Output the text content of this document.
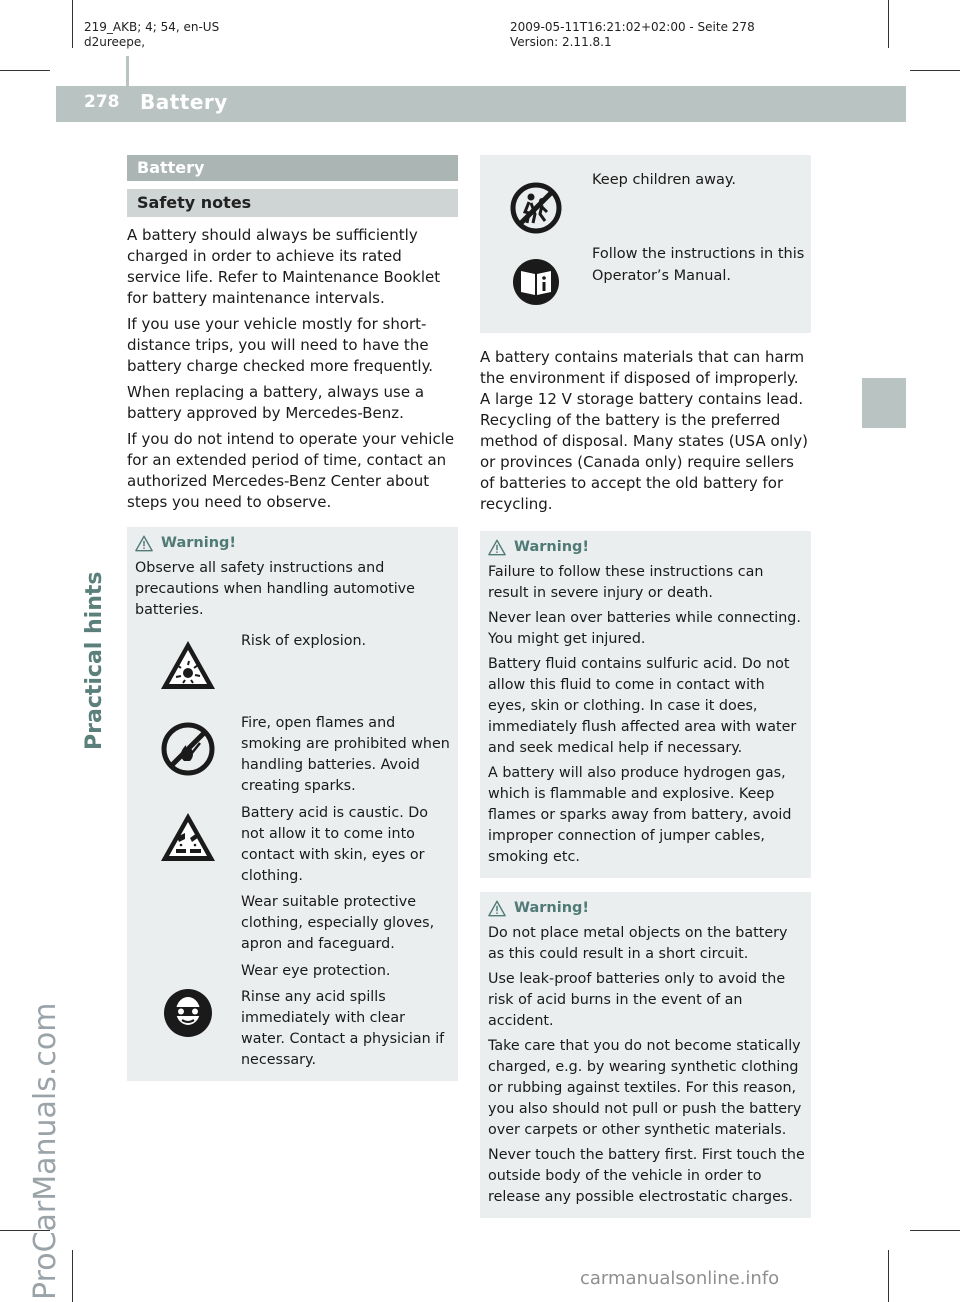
219_AKB; 4; 54, en-US
d2ureepe,
2009-05-11T16:21:02+02:00 - Seite 278
Version: 2.11.8.1
278 Battery
Practical hints
ProCarManuals.com	carmanualsonline.info
Battery
Safety notes

A battery should always be sufficiently charged in order to achieve its rated service life. Refer to Maintenance Booklet for battery maintenance intervals.

If you use your vehicle mostly for short-distance trips, you will need to have the battery charge checked more frequently.

When replacing a battery, always use a battery approved by Mercedes-Benz.

If you do not intend to operate your vehicle for an extended period of time, contact an authorized Mercedes-Benz Center about steps you need to observe.

Warning!

Observe all safety instructions and precautions when handling automotive batteries.

Risk of explosion.

Fire, open flames and smoking are prohibited when handling batteries. Avoid creating sparks.

Battery acid is caustic. Do not allow it to come into contact with skin, eyes or clothing.

Wear suitable protective clothing, especially gloves, apron and faceguard.

Wear eye protection.

Rinse any acid spills immediately with clear water. Contact a physician if necessary.

Keep children away.

Follow the instructions in this Operator’s Manual.

A battery contains materials that can harm the environment if disposed of improperly. A large 12 V storage battery contains lead. Recycling of the battery is the preferred method of disposal. Many states (USA only) or provinces (Canada only) require sellers of batteries to accept the old battery for recycling.

Warning!

Failure to follow these instructions can result in severe injury or death.

Never lean over batteries while connecting. You might get injured.

Battery fluid contains sulfuric acid. Do not allow this fluid to come in contact with eyes, skin or clothing. In case it does, immediately flush affected area with water and seek medical help if necessary.

A battery will also produce hydrogen gas, which is flammable and explosive. Keep flames or sparks away from battery, avoid improper connection of jumper cables, smoking etc.

Warning!

Do not place metal objects on the battery as this could result in a short circuit.

Use leak-proof batteries only to avoid the risk of acid burns in the event of an accident.

Take care that you do not become statically charged, e.g. by wearing synthetic clothing or rubbing against textiles. For this reason, you also should not pull or push the battery over carpets or other synthetic materials.

Never touch the battery first. First touch the outside body of the vehicle in order to release any possible electrostatic charges.
